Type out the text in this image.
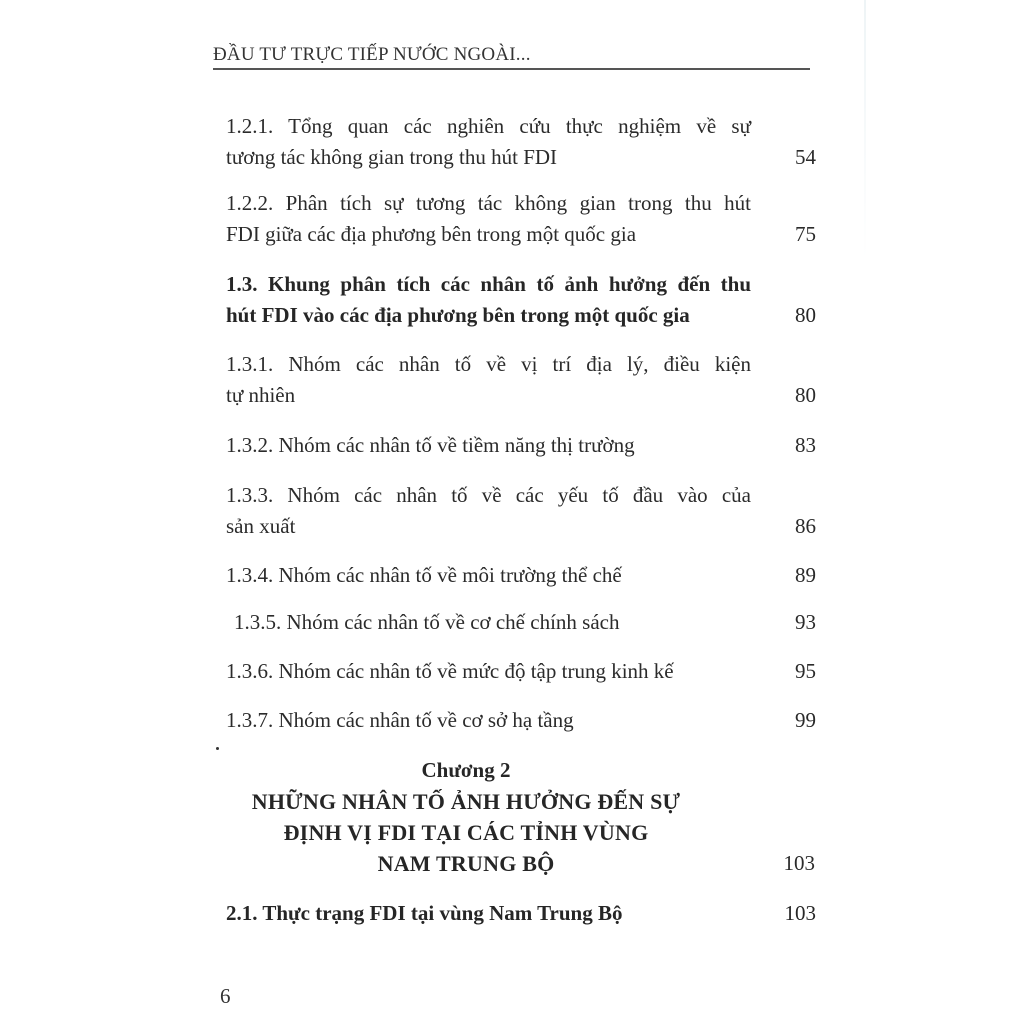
ĐẦU TƯ TRỰC TIẾP NƯỚC NGOÀI...
1.2.1. Tổng quan các nghiên cứu thực nghiệm về sự
tương tác không gian trong thu hút FDI	54
1.2.2. Phân tích sự tương tác không gian trong thu hút
FDI giữa các địa phương bên trong một quốc gia	75
1.3. Khung phân tích các nhân tố ảnh hưởng đến thu
hút FDI vào các địa phương bên trong một quốc gia	80
1.3.1. Nhóm các nhân tố về vị trí địa lý, điều kiện
tự nhiên	80
1.3.2. Nhóm các nhân tố về tiềm năng thị trường	83
1.3.3. Nhóm các nhân tố về các yếu tố đầu vào của
sản xuất	86
1.3.4. Nhóm các nhân tố về môi trường thể chế	89
1.3.5. Nhóm các nhân tố về cơ chế chính sách	93
1.3.6. Nhóm các nhân tố về mức độ tập trung kinh kế	95
1.3.7. Nhóm các nhân tố về cơ sở hạ tầng	99
Chương 2
NHỮNG NHÂN TỐ ẢNH HƯỞNG ĐẾN SỰ
ĐỊNH VỊ FDI TẠI CÁC TỈNH VÙNG
NAM TRUNG BỘ	103
2.1. Thực trạng FDI tại vùng Nam Trung Bộ	103
6
